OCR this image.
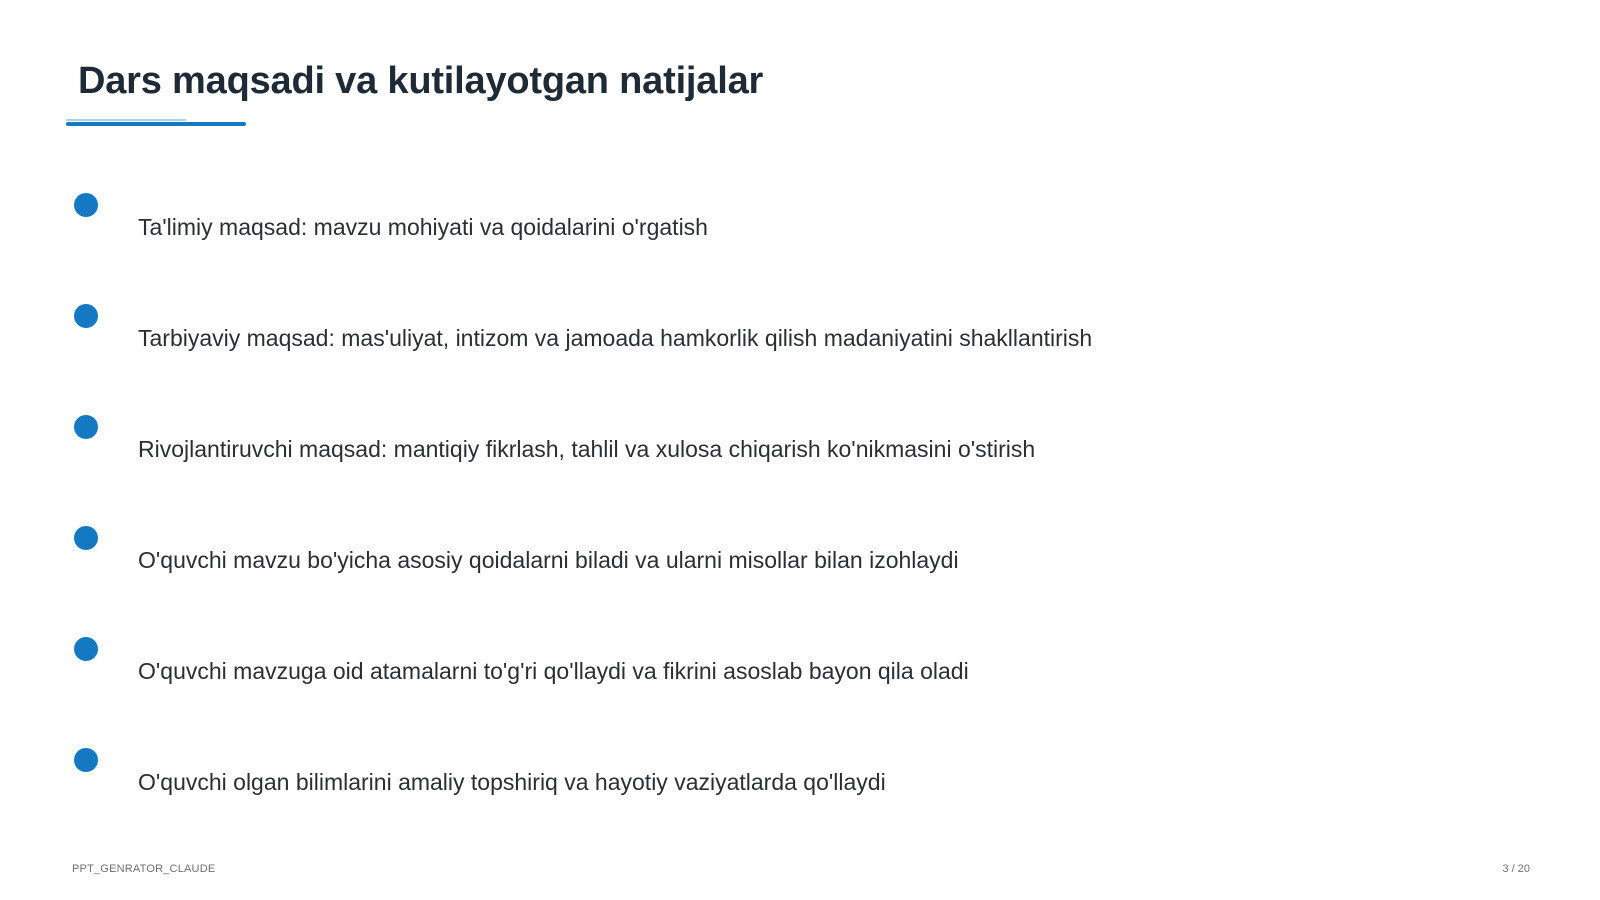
Dars maqsadi va kutilayotgan natijalar
Ta'limiy maqsad: mavzu mohiyati va qoidalarini o'rgatish
Tarbiyaviy maqsad: mas'uliyat, intizom va jamoada hamkorlik qilish madaniyatini shakllantirish
Rivojlantiruvchi maqsad: mantiqiy fikrlash, tahlil va xulosa chiqarish ko'nikmasini o'stirish
O'quvchi mavzu bo'yicha asosiy qoidalarni biladi va ularni misollar bilan izohlaydi
O'quvchi mavzuga oid atamalarni to'g'ri qo'llaydi va fikrini asoslab bayon qila oladi
O'quvchi olgan bilimlarini amaliy topshiriq va hayotiy vaziyatlarda qo'llaydi
PPT_GENRATOR_CLAUDE	3 / 20
